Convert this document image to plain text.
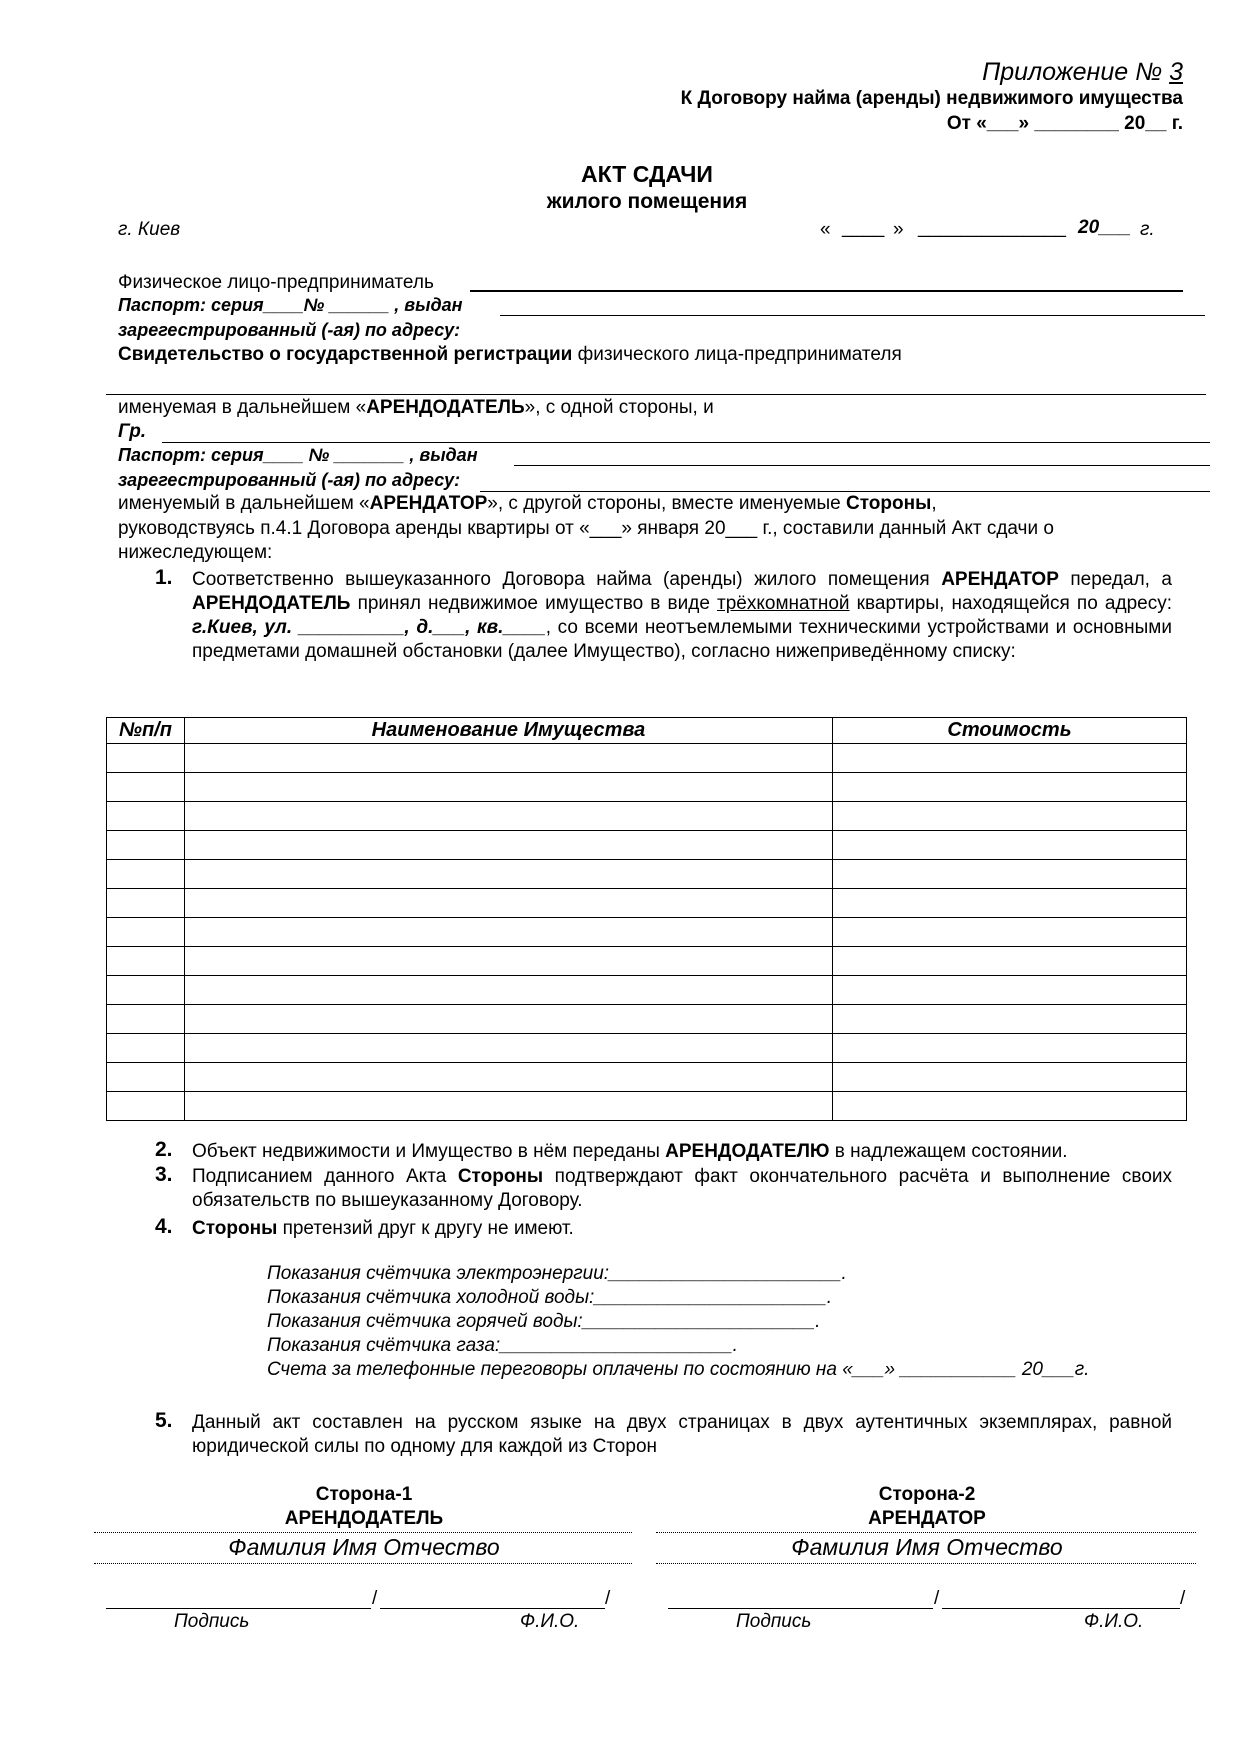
Приложение № 3
К Договору найма (аренды) недвижимого имущества
От «___» ________ 20__ г.
АКТ СДАЧИ
жилого помещения
г. Киев	« ____ » ______________ 20___ г.
Физическое лицо-предприниматель
Паспорт: серия____№ ______ , выдан
зарегестрированный (-ая) по адресу:
Свидетельство о государственной регистрации физического лица-предпринимателя
именуемая в дальнейшем «АРЕНДОДАТЕЛЬ», с одной стороны, и
Гр.
Паспорт: серия____ № _______ , выдан
зарегестрированный (-ая) по адресу:
именуемый в дальнейшем «АРЕНДАТОР», с другой стороны, вместе именуемые Стороны,
руководствуясь п.4.1 Договора аренды квартиры от «___» января 20___ г., составили данный Акт сдачи о
нижеследующем:
1. Соответственно вышеуказанного Договора найма (аренды) жилого помещения АРЕНДАТОР передал, а АРЕНДОДАТЕЛЬ принял недвижимое имущество в виде трёхкомнатной квартиры, находящейся по адресу: г.Киев, ул. __________, д.___, кв.____, со всеми неотъемлемыми техническими устройствами и основными предметами домашней обстановки (далее Имущество), согласно нижеприведённому списку:
№п/п	Наименование Имущества	Стоимость

2. Объект недвижимости и Имущество в нём переданы АРЕНДОДАТЕЛЮ в надлежащем состоянии.
3. Подписанием данного Акта Стороны подтверждают факт окончательного расчёта и выполнение своих обязательств по вышеуказанному Договору.
4. Стороны претензий друг к другу не имеют.
Показания счётчика электроэнергии:______________________.
Показания счётчика холодной воды:______________________.
Показания счётчика горячей воды:______________________.
Показания счётчика газа:______________________.
Счета за телефонные переговоры оплачены по состоянию на «___» ___________ 20___г.
5. Данный акт составлен на русском языке на двух страницах в двух аутентичных экземплярах, равной юридической силы по одному для каждой из Сторон
Сторона-1
АРЕНДОДАТЕЛЬ
Фамилия Имя Отчество
/	/
Подпись	Ф.И.О.
Сторона-2
АРЕНДАТОР
Фамилия Имя Отчество
/	/
Подпись	Ф.И.О.
